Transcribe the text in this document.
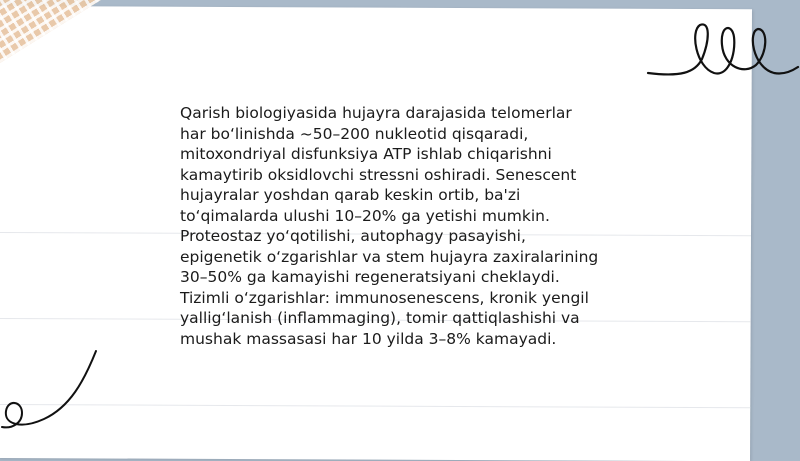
Qarish biologiyasida hujayra darajasida telomerlar
har bo‘linishda ~50–200 nukleotid qisqaradi,
mitoxondriyal disfunksiya ATP ishlab chiqarishni
kamaytirib oksidlovchi stressni oshiradi. Senescent
hujayralar yoshdan qarab keskin ortib, ba'zi
to‘qimalarda ulushi 10–20% ga yetishi mumkin.
Proteostaz yo‘qotilishi, autophagy pasayishi,
epigenetik o‘zgarishlar va stem hujayra zaxiralarining
30–50% ga kamayishi regeneratsiyani cheklaydi.
Tizimli o‘zgarishlar: immunosenescens, kronik yengil
yallig‘lanish (inflammaging), tomir qattiqlashishi va
mushak massasasi har 10 yilda 3–8% kamayadi.
